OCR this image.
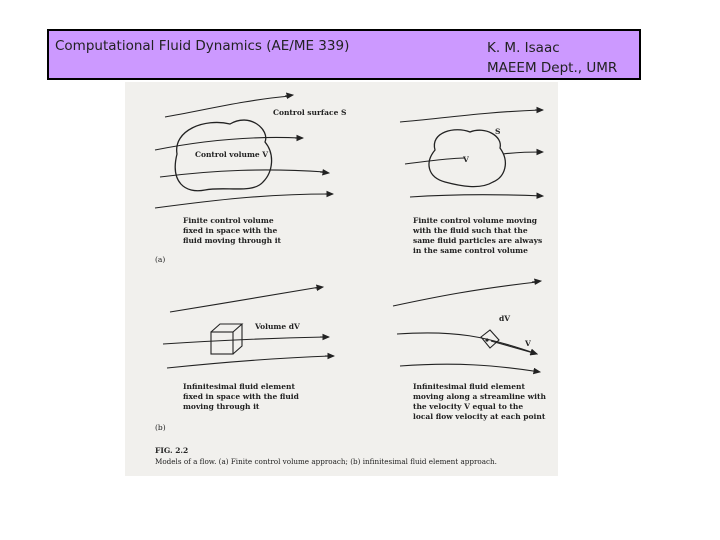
Computational Fluid Dynamics (AE/ME 339)	K. M. Isaac
MAEEM Dept., UMR
Control surface S
Control volume V
Finite control volume
fixed in space with the
fluid moving through it
(a)
S
V
Finite control volume moving
with the fluid such that the
same fluid particles are always
in the same control volume
Volume dV
Infinitesimal fluid element
fixed in space with the fluid
moving through it
(b)
dV
V
Infinitesimal fluid element
moving along a streamline with
the velocity V equal to the
local flow velocity at each point
FIG. 2.2
Models of a flow. (a) Finite control volume approach; (b) infinitesimal fluid element approach.
